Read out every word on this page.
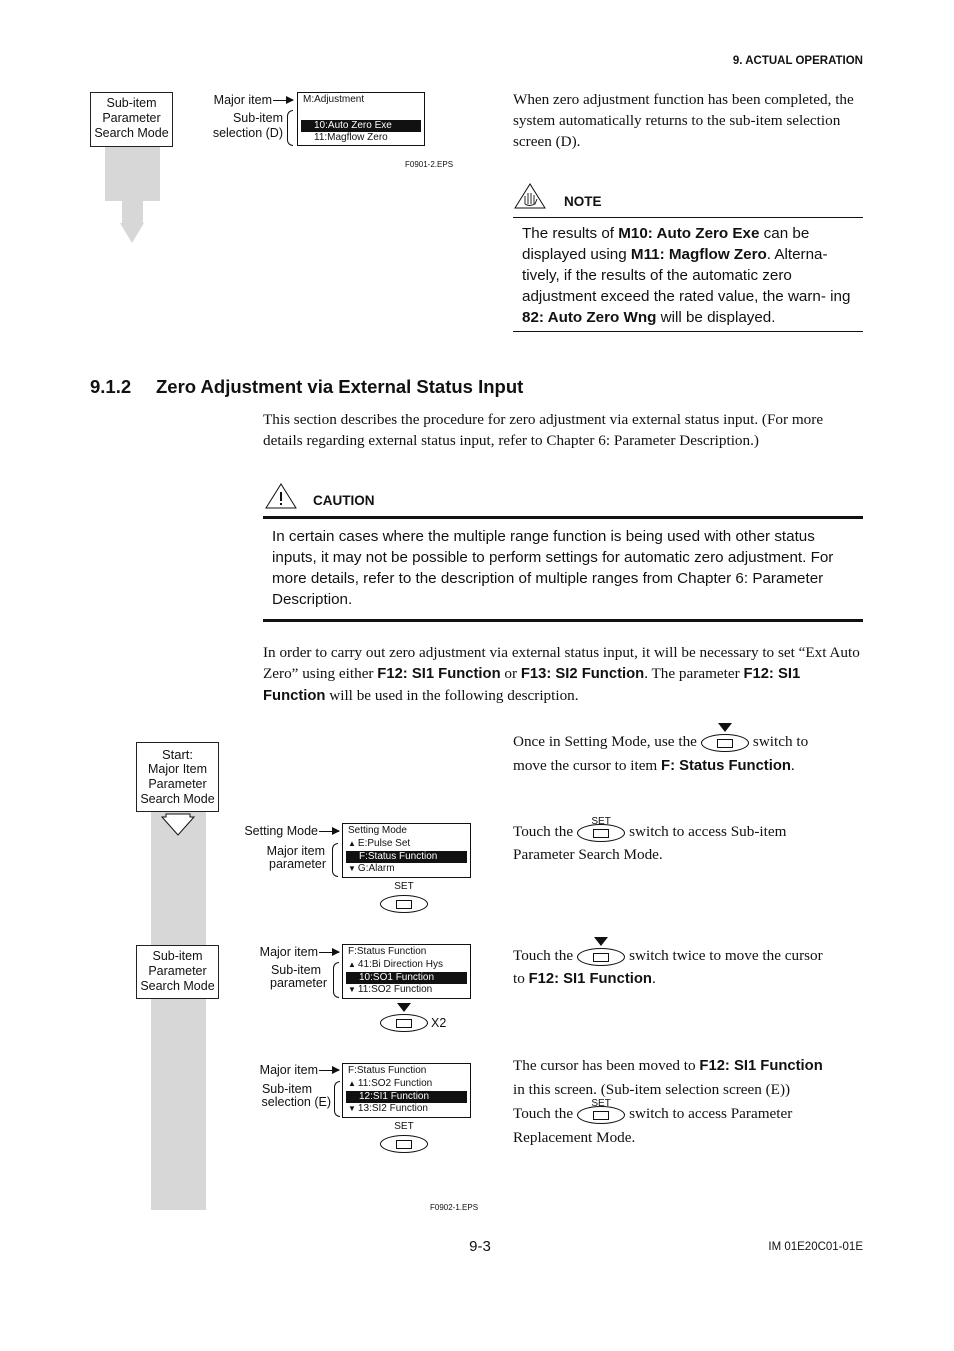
9. ACTUAL OPERATION
Sub-item
Parameter
Search Mode
Major item
Sub-item
selection (D)
M:Adjustment
10:Auto Zero Exe
11:Magflow Zero
F0901-2.EPS
When zero adjustment function has been completed, the system automatically returns to the sub-item selection screen (D).
NOTE
The results of M10: Auto Zero Exe can be displayed using M11: Magflow Zero. Alterna- tively, if the results of the automatic zero adjustment exceed the rated value, the warn- ing 82: Auto Zero Wng will be displayed.
9.1.2 Zero Adjustment via External Status Input
This section describes the procedure for zero adjustment via external status input. (For more details regarding external status input, refer to Chapter 6: Parameter Description.)
CAUTION
In certain cases where the multiple range function is being used with other status inputs, it may not be possible to perform settings for automatic zero adjustment. For more details, refer to the description of multiple ranges from Chapter 6: Parameter Description.
In order to carry out zero adjustment via external status input, it will be necessary to set “Ext Auto Zero” using either F12: SI1 Function or F13: SI2 Function. The parameter F12: SI1 Function will be used in the following description.
Start:
Major Item
Parameter
Search Mode
Sub-item
Parameter
Search Mode
Setting Mode
Major item
parameter
Setting Mode
▲ E:Pulse Set
F:Status Function
▼ G:Alarm
SET
Major item
Sub-item
parameter
F:Status Function
▲ 41:Bi Direction Hys
10:SO1 Function
▼ 11:SO2 Function
X2
Major item
Sub-item
selection (E)
F:Status Function
▲ 11:SO2 Function
12:SI1 Function
▼ 13:SI2 Function
SET
F0902-1.EPS
Once in Setting Mode, use the	switch to
move the cursor to item F: Status Function.
Touch the
SET
switch to access Sub-item
Parameter Search Mode.
Touch the	switch twice to move the cursor
to F12: SI1 Function.
The cursor has been moved to F12: SI1 Function
in this screen. (Sub-item selection screen (E))
Touch the
SET
switch to access Parameter
Replacement Mode.
9-3	IM 01E20C01-01E
